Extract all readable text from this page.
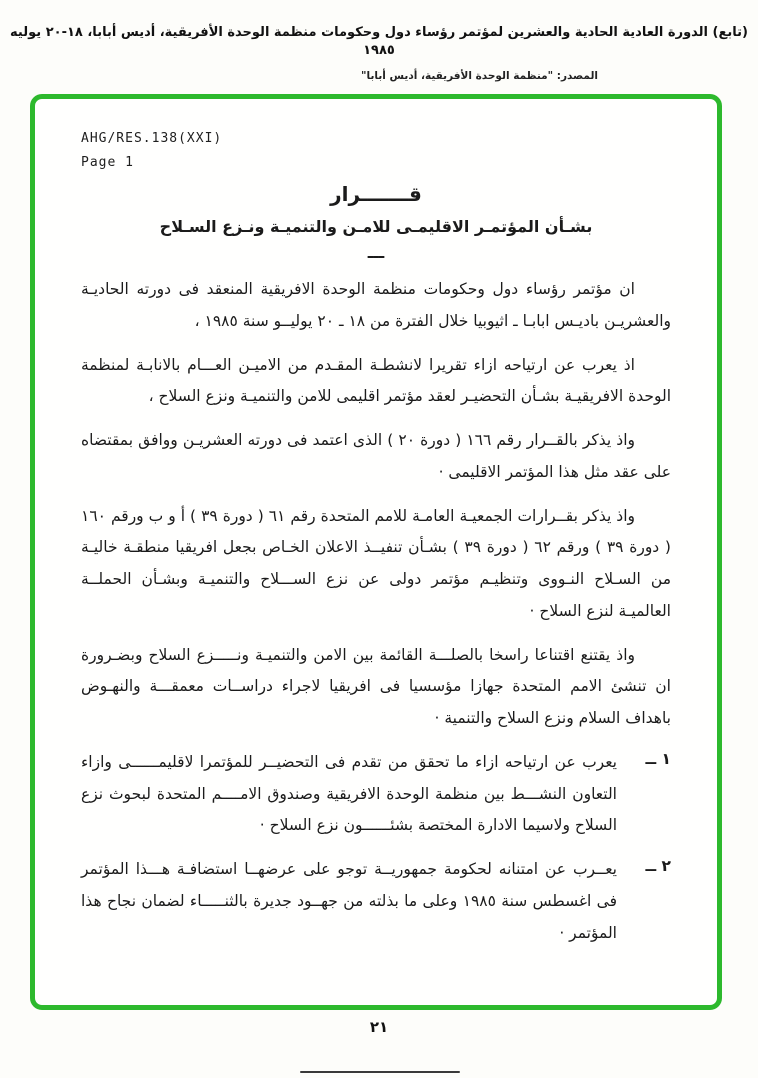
(تابع) الدورة العادية الحادية والعشرين لمؤتمر رؤساء دول وحكومات منظمة الوحدة الأفريقية، أديس أبابا، ١٨-٢٠ يوليه ١٩٨٥
المصدر: "منظمة الوحدة الأفريقية، أديس أبابا"
AHG/RES.138(XXI)
Page 1
قـــــــرار
بشـأن المؤتمـر الاقليمـى للامـن والتنميـة ونـزع السـلاح
ـــ

ان مؤتمر رؤساء دول وحكومات منظمة الوحدة الافريقية المنعقد فى دورته الحاديـة والعشريـن باديـس ابابـا ـ اثيوبيا خلال الفترة من ١٨ ـ ٢٠ يوليــو سنة ١٩٨٥ ،

اذ يعرب عن ارتياحه ازاء تقريرا لانشطـة المقـدم من الاميـن العـــام بالانابـة لمنظمة الوحدة الافريقيـة بشـأن التحضيـر لعقد مؤتمر اقليمى للامن والتنميـة ونزع السلاح ،

واذ يذكر بالقــرار رقم ١٦٦ ( دورة ٢٠ ) الذى اعتمد فى دورته العشريـن ووافق بمقتضاه على عقد مثل هذا المؤتمر الاقليمى ·

واذ يذكر بقــرارات الجمعيـة العامـة للامم المتحدة رقم ٦١ ( دورة ٣٩ ) أ و ب ورقم ١٦٠ ( دورة ٣٩ ) ورقم ٦٢ ( دورة ٣٩ ) بشـأن تنفيــذ الاعلان الخـاص بجعل افريقيا منطقـة خاليـة من السـلاح النـووى وتنظيـم مؤتمر دولى عن نزع الســـلاح والتنميـة وبشـأن الحملــة العالميـة لنزع السلاح ·

واذ يقتنع اقتناعا راسخا بالصلـــة القائمة بين الامن والتنميـة ونـــــزع السلاح وبضـرورة ان تنشئ الامم المتحدة جهازا مؤسسيا فى افريقيا لاجراء دراســات معمقـــة والنهـوض باهداف السلام ونزع السلاح والتنمية ·

١ ــ
يعرب عن ارتياحه ازاء ما تحقق من تقدم فى التحضيــر للمؤتمرا لاقليمــــــى وازاء التعاون النشـــط بين منظمة الوحدة الافريقية وصندوق الامــــم المتحدة لبحوث نزع السلاح ولاسيما الادارة المختصة بشئــــــون نزع السلاح ·
٢ ــ
يعــرب عن امتنانه لحكومة جمهوريــة توجو على عرضهــا استضافـة هـــذا المؤتمر فى اغسطس سنة ١٩٨٥ وعلى ما بذلته من جهــود جديرة بالثنـــــاء لضمان نجاح هذا المؤتمر ·
٢١
